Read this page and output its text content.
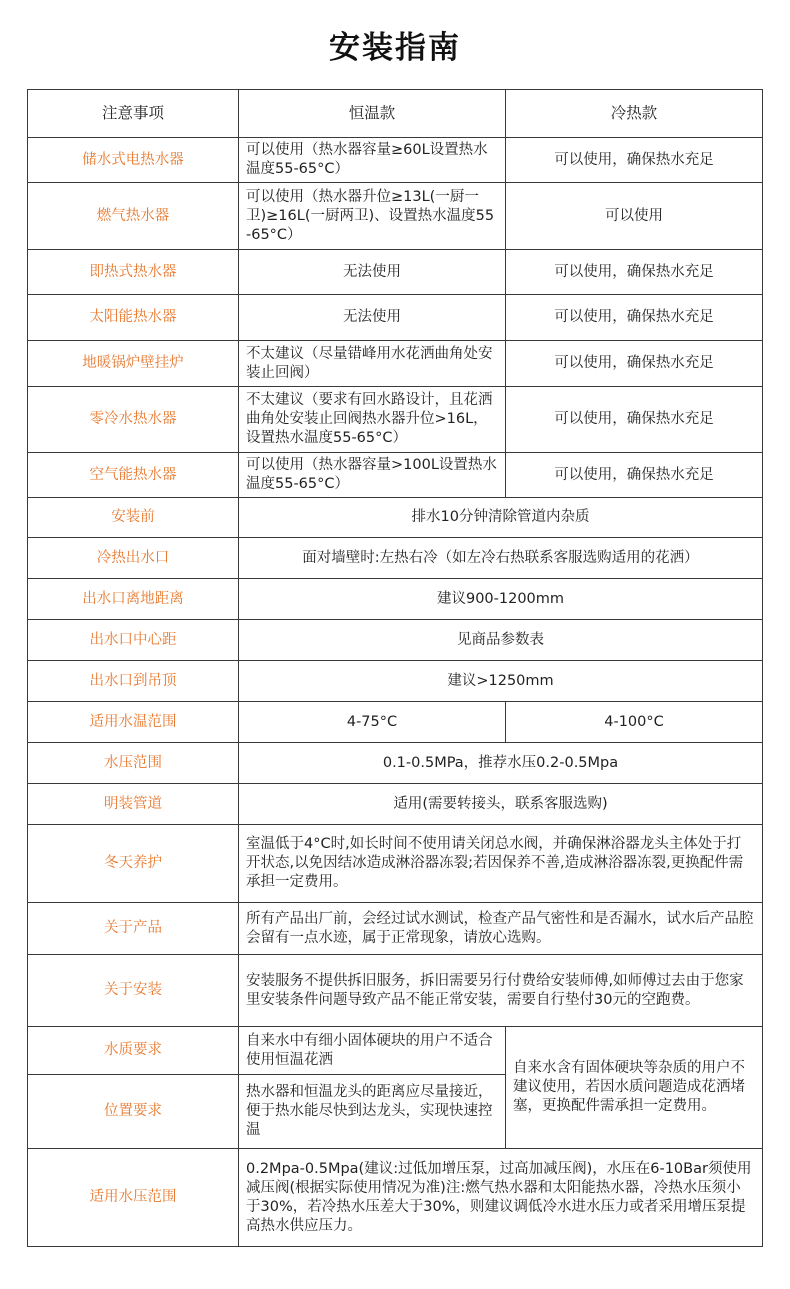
安装指南
注意事项	恒温款	冷热款
储水式电热水器	可以使用（热水器容量≥60L设置热水温度55-65°C）	可以使用，确保热水充足
燃气热水器	可以使用（热水器升位≥13L(一厨一卫)≥16L(一厨两卫)、设置热水温度55-65°C）	可以使用
即热式热水器	无法使用	可以使用，确保热水充足
太阳能热水器	无法使用	可以使用，确保热水充足
地暖锅炉壁挂炉	不太建议（尽量错峰用水花洒曲角处安装止回阀）	可以使用，确保热水充足
零冷水热水器	不太建议（要求有回水路设计，且花洒曲角处安装止回阀热水器升位>16L，设置热水温度55-65°C）	可以使用，确保热水充足
空气能热水器	可以使用（热水器容量>100L设置热水温度55-65°C）	可以使用，确保热水充足
安装前	排水10分钟清除管道内杂质	
冷热出水口	面对墙壁时:左热右冷（如左冷右热联系客服选购适用的花洒）	
出水口离地距离	建议900-1200mm	
出水口中心距	见商品参数表	
出水口到吊顶	建议>1250mm	
适用水温范围	4-75°C	4-100°C
水压范围	0.1-0.5MPa，推荐水压0.2-0.5Mpa	
明装管道	适用(需要转接头，联系客服选购)	
冬天养护	室温低于4°C时,如长时间不使用请关闭总水阀，并确保淋浴器龙头主体处于打开状态,以免因结冰造成淋浴器冻裂;若因保养不善,造成淋浴器冻裂,更换配件需承担一定费用。	
关于产品	所有产品出厂前，会经过试水测试，检查产品气密性和是否漏水，试水后产品腔会留有一点水迹，属于正常现象，请放心选购。	
关于安装	安装服务不提供拆旧服务，拆旧需要另行付费给安装师傅,如师傅过去由于您家里安装条件问题导致产品不能正常安装，需要自行垫付30元的空跑费。	
水质要求	自来水中有细小固体硬块的用户不适合使用恒温花洒	自来水含有固体硬块等杂质的用户不建议使用，若因水质问题造成花洒堵塞，更换配件需承担一定费用。
位置要求	热水器和恒温龙头的距离应尽量接近，便于热水能尽快到达龙头，实现快速控温	
适用水压范围	0.2Mpa-0.5Mpa(建议:过低加增压泵，过高加减压阀)，水压在6-10Bar须使用减压阀(根据实际使用情况为准)注:燃气热水器和太阳能热水器，冷热水压须小于30%，若冷热水压差大于30%，则建议调低冷水进水压力或者采用增压泵提高热水供应压力。	
